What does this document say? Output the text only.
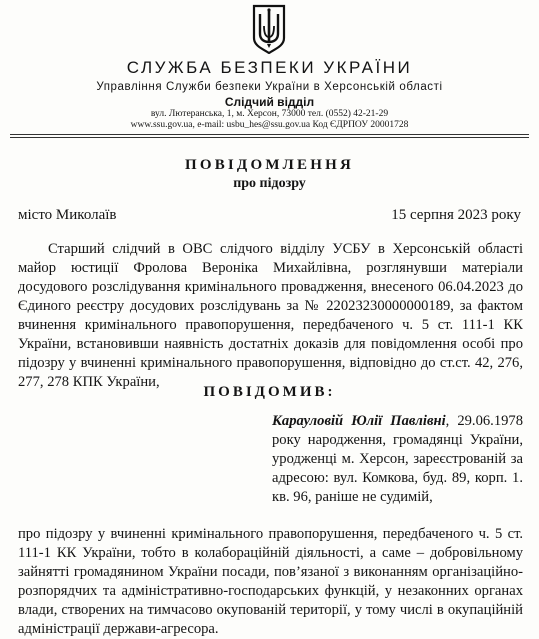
СЛУЖБА БЕЗПЕКИ УКРАЇНИ
Управління Служби безпеки України в Херсонській області
Слідчий відділ
вул. Лютеранська, 1, м. Херсон, 73000 тел. (0552) 42-21-29
www.ssu.gov.ua, e-mail: usbu_hes@ssu.gov.ua Код ЄДРПОУ 20001728
ПОВІДОМЛЕННЯ
про підозру
місто Миколаїв	15 серпня 2023 року
Старший слідчий в ОВС слідчого відділу УСБУ в Херсонській області майор юстиції Фролова Вероніка Михайлівна, розглянувши матеріали досудового розслідування кримінального провадження, внесеного 06.04.2023 до Єдиного реєстру досудових розслідувань за № 22023230000000189, за фактом вчинення кримінального правопорушення, передбаченого ч. 5 ст. 111-1 КК України, встановивши наявність достатніх доказів для повідомлення особі про підозру у вчиненні кримінального правопорушення, відповідно до ст.ст. 42, 276, 277, 278 КПК України,
ПОВІДОМИВ:
Карауловій Юлії Павлівні, 29.06.1978 року народження, громадянці України, уродженці м. Херсон, зареєстрованій за адресою: вул. Комкова, буд. 89, корп. 1. кв. 96, раніше не судимій,
про підозру у вчиненні кримінального правопорушення, передбаченого ч. 5 ст. 111-1 КК України, тобто в колабораційній діяльності, а саме – добровільному зайнятті громадянином України посади, пов’язаної з виконанням організаційно-розпорядчих та адміністративно-господарських функцій, у незаконних органах влади, створених на тимчасово окупованій території, у тому числі в окупаційній адміністрації держави-агресора.
